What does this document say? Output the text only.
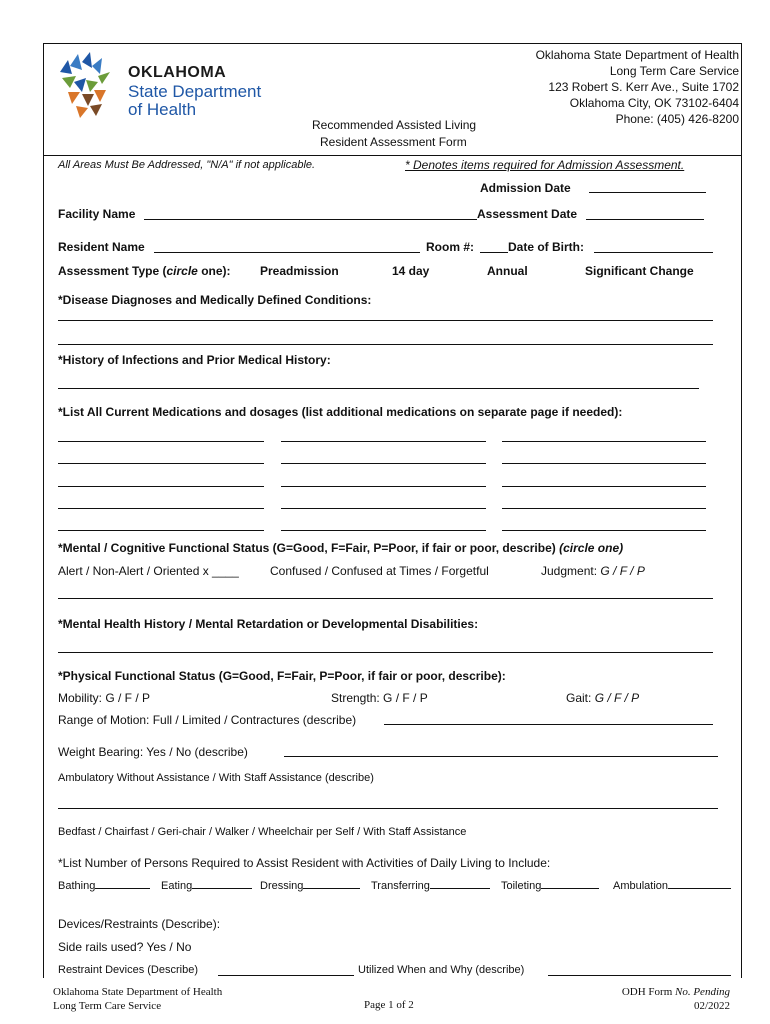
OKLAHOMA
State Department
of Health
Oklahoma State Department of Health
Long Term Care Service
123 Robert S. Kerr Ave., Suite 1702
Oklahoma City, OK 73102-6404
Phone: (405) 426-8200
Recommended Assisted Living
Resident Assessment Form
All Areas Must Be Addressed, "N/A" if not applicable.	* Denotes items required for Admission Assessment.
Admission Date
Facility Name	Assessment Date
Resident Name	Room #:	Date of Birth:
Assessment Type (circle one): Preadmission	14 day	Annual	Significant Change
*Disease Diagnoses and Medically Defined Conditions:
*History of Infections and Prior Medical History:
*List All Current Medications and dosages (list additional medications on separate page if needed):
*Mental / Cognitive Functional Status (G=Good, F=Fair, P=Poor, if fair or poor, describe) (circle one)
Alert / Non-Alert / Oriented x ____	Confused / Confused at Times / Forgetful	Judgment: G / F / P
*Mental Health History / Mental Retardation or Developmental Disabilities:
*Physical Functional Status (G=Good, F=Fair, P=Poor, if fair or poor, describe):
Mobility: G / F / P	Strength: G / F / P	Gait: G / F / P
Range of Motion: Full / Limited / Contractures (describe)
Weight Bearing: Yes / No (describe)
Ambulatory Without Assistance / With Staff Assistance (describe)
Bedfast / Chairfast / Geri-chair / Walker / Wheelchair per Self / With Staff Assistance
*List Number of Persons Required to Assist Resident with Activities of Daily Living to Include:
Bathing	Eating	Dressing	Transferring	Toileting	Ambulation
Devices/Restraints (Describe):
Side rails used? Yes / No
Restraint Devices (Describe)	Utilized When and Why (describe)
Oklahoma State Department of Health
Long Term Care Service	Page 1 of 2
ODH Form No. Pending
02/2022
